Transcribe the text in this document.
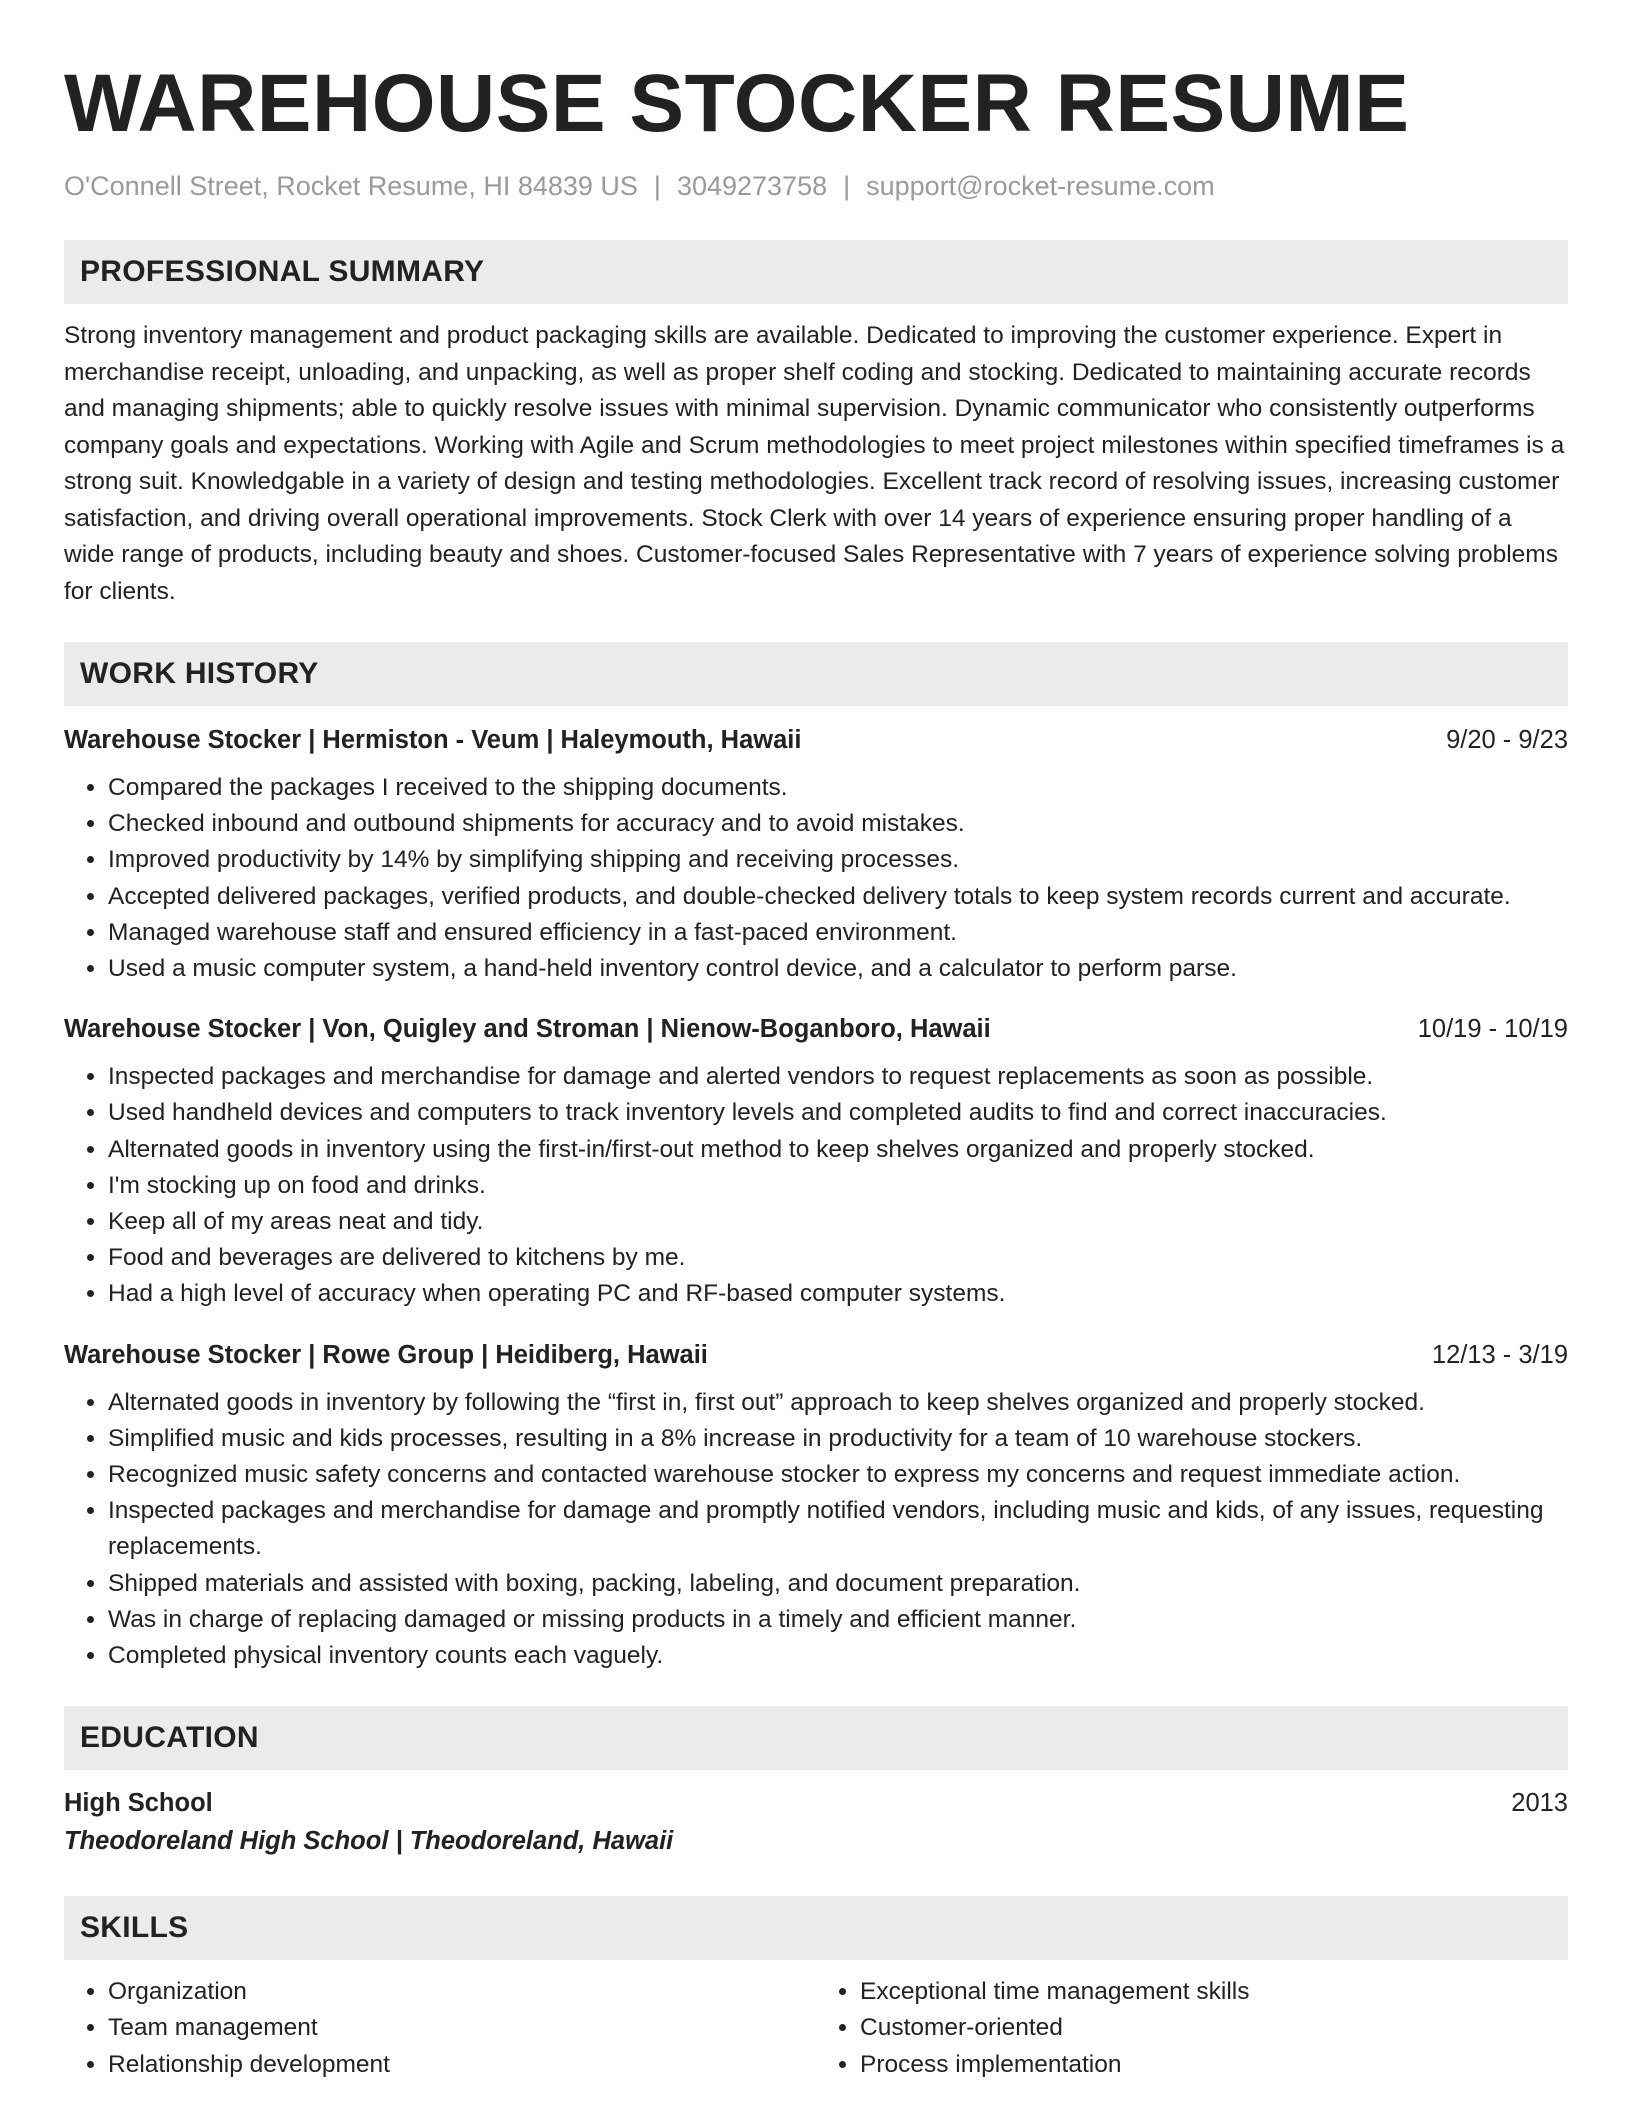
WAREHOUSE STOCKER RESUME
O'Connell Street, Rocket Resume, HI 84839 US | 3049273758 | support@rocket-resume.com
PROFESSIONAL SUMMARY

Strong inventory management and product packaging skills are available. Dedicated to improving the customer experience. Expert in merchandise receipt, unloading, and unpacking, as well as proper shelf coding and stocking. Dedicated to maintaining accurate records and managing shipments; able to quickly resolve issues with minimal supervision. Dynamic communicator who consistently outperforms company goals and expectations. Working with Agile and Scrum methodologies to meet project milestones within specified timeframes is a strong suit. Knowledgable in a variety of design and testing methodologies. Excellent track record of resolving issues, increasing customer satisfaction, and driving overall operational improvements. Stock Clerk with over 14 years of experience ensuring proper handling of a wide range of products, including beauty and shoes. Customer-focused Sales Representative with 7 years of experience solving problems for clients.

WORK HISTORY
Warehouse Stocker | Hermiston - Veum | Haleymouth, Hawaii	9/20 - 9/23
• Compared the packages I received to the shipping documents.
• Checked inbound and outbound shipments for accuracy and to avoid mistakes.
• Improved productivity by 14% by simplifying shipping and receiving processes.
• Accepted delivered packages, verified products, and double-checked delivery totals to keep system records current and accurate.
• Managed warehouse staff and ensured efficiency in a fast-paced environment.
• Used a music computer system, a hand-held inventory control device, and a calculator to perform parse.
Warehouse Stocker | Von, Quigley and Stroman | Nienow-Boganboro, Hawaii	10/19 - 10/19
• Inspected packages and merchandise for damage and alerted vendors to request replacements as soon as possible.
• Used handheld devices and computers to track inventory levels and completed audits to find and correct inaccuracies.
• Alternated goods in inventory using the first-in/first-out method to keep shelves organized and properly stocked.
• I'm stocking up on food and drinks.
• Keep all of my areas neat and tidy.
• Food and beverages are delivered to kitchens by me.
• Had a high level of accuracy when operating PC and RF-based computer systems.
Warehouse Stocker | Rowe Group | Heidiberg, Hawaii	12/13 - 3/19
• Alternated goods in inventory by following the “first in, first out” approach to keep shelves organized and properly stocked.
• Simplified music and kids processes, resulting in a 8% increase in productivity for a team of 10 warehouse stockers.
• Recognized music safety concerns and contacted warehouse stocker to express my concerns and request immediate action.
• Inspected packages and merchandise for damage and promptly notified vendors, including music and kids, of any issues, requesting replacements.
• Shipped materials and assisted with boxing, packing, labeling, and document preparation.
• Was in charge of replacing damaged or missing products in a timely and efficient manner.
• Completed physical inventory counts each vaguely.
EDUCATION
High School	2013
Theodoreland High School | Theodoreland, Hawaii
SKILLS
• Organization
• Team management
• Relationship development
• Exceptional time management skills
• Customer-oriented
• Process implementation
